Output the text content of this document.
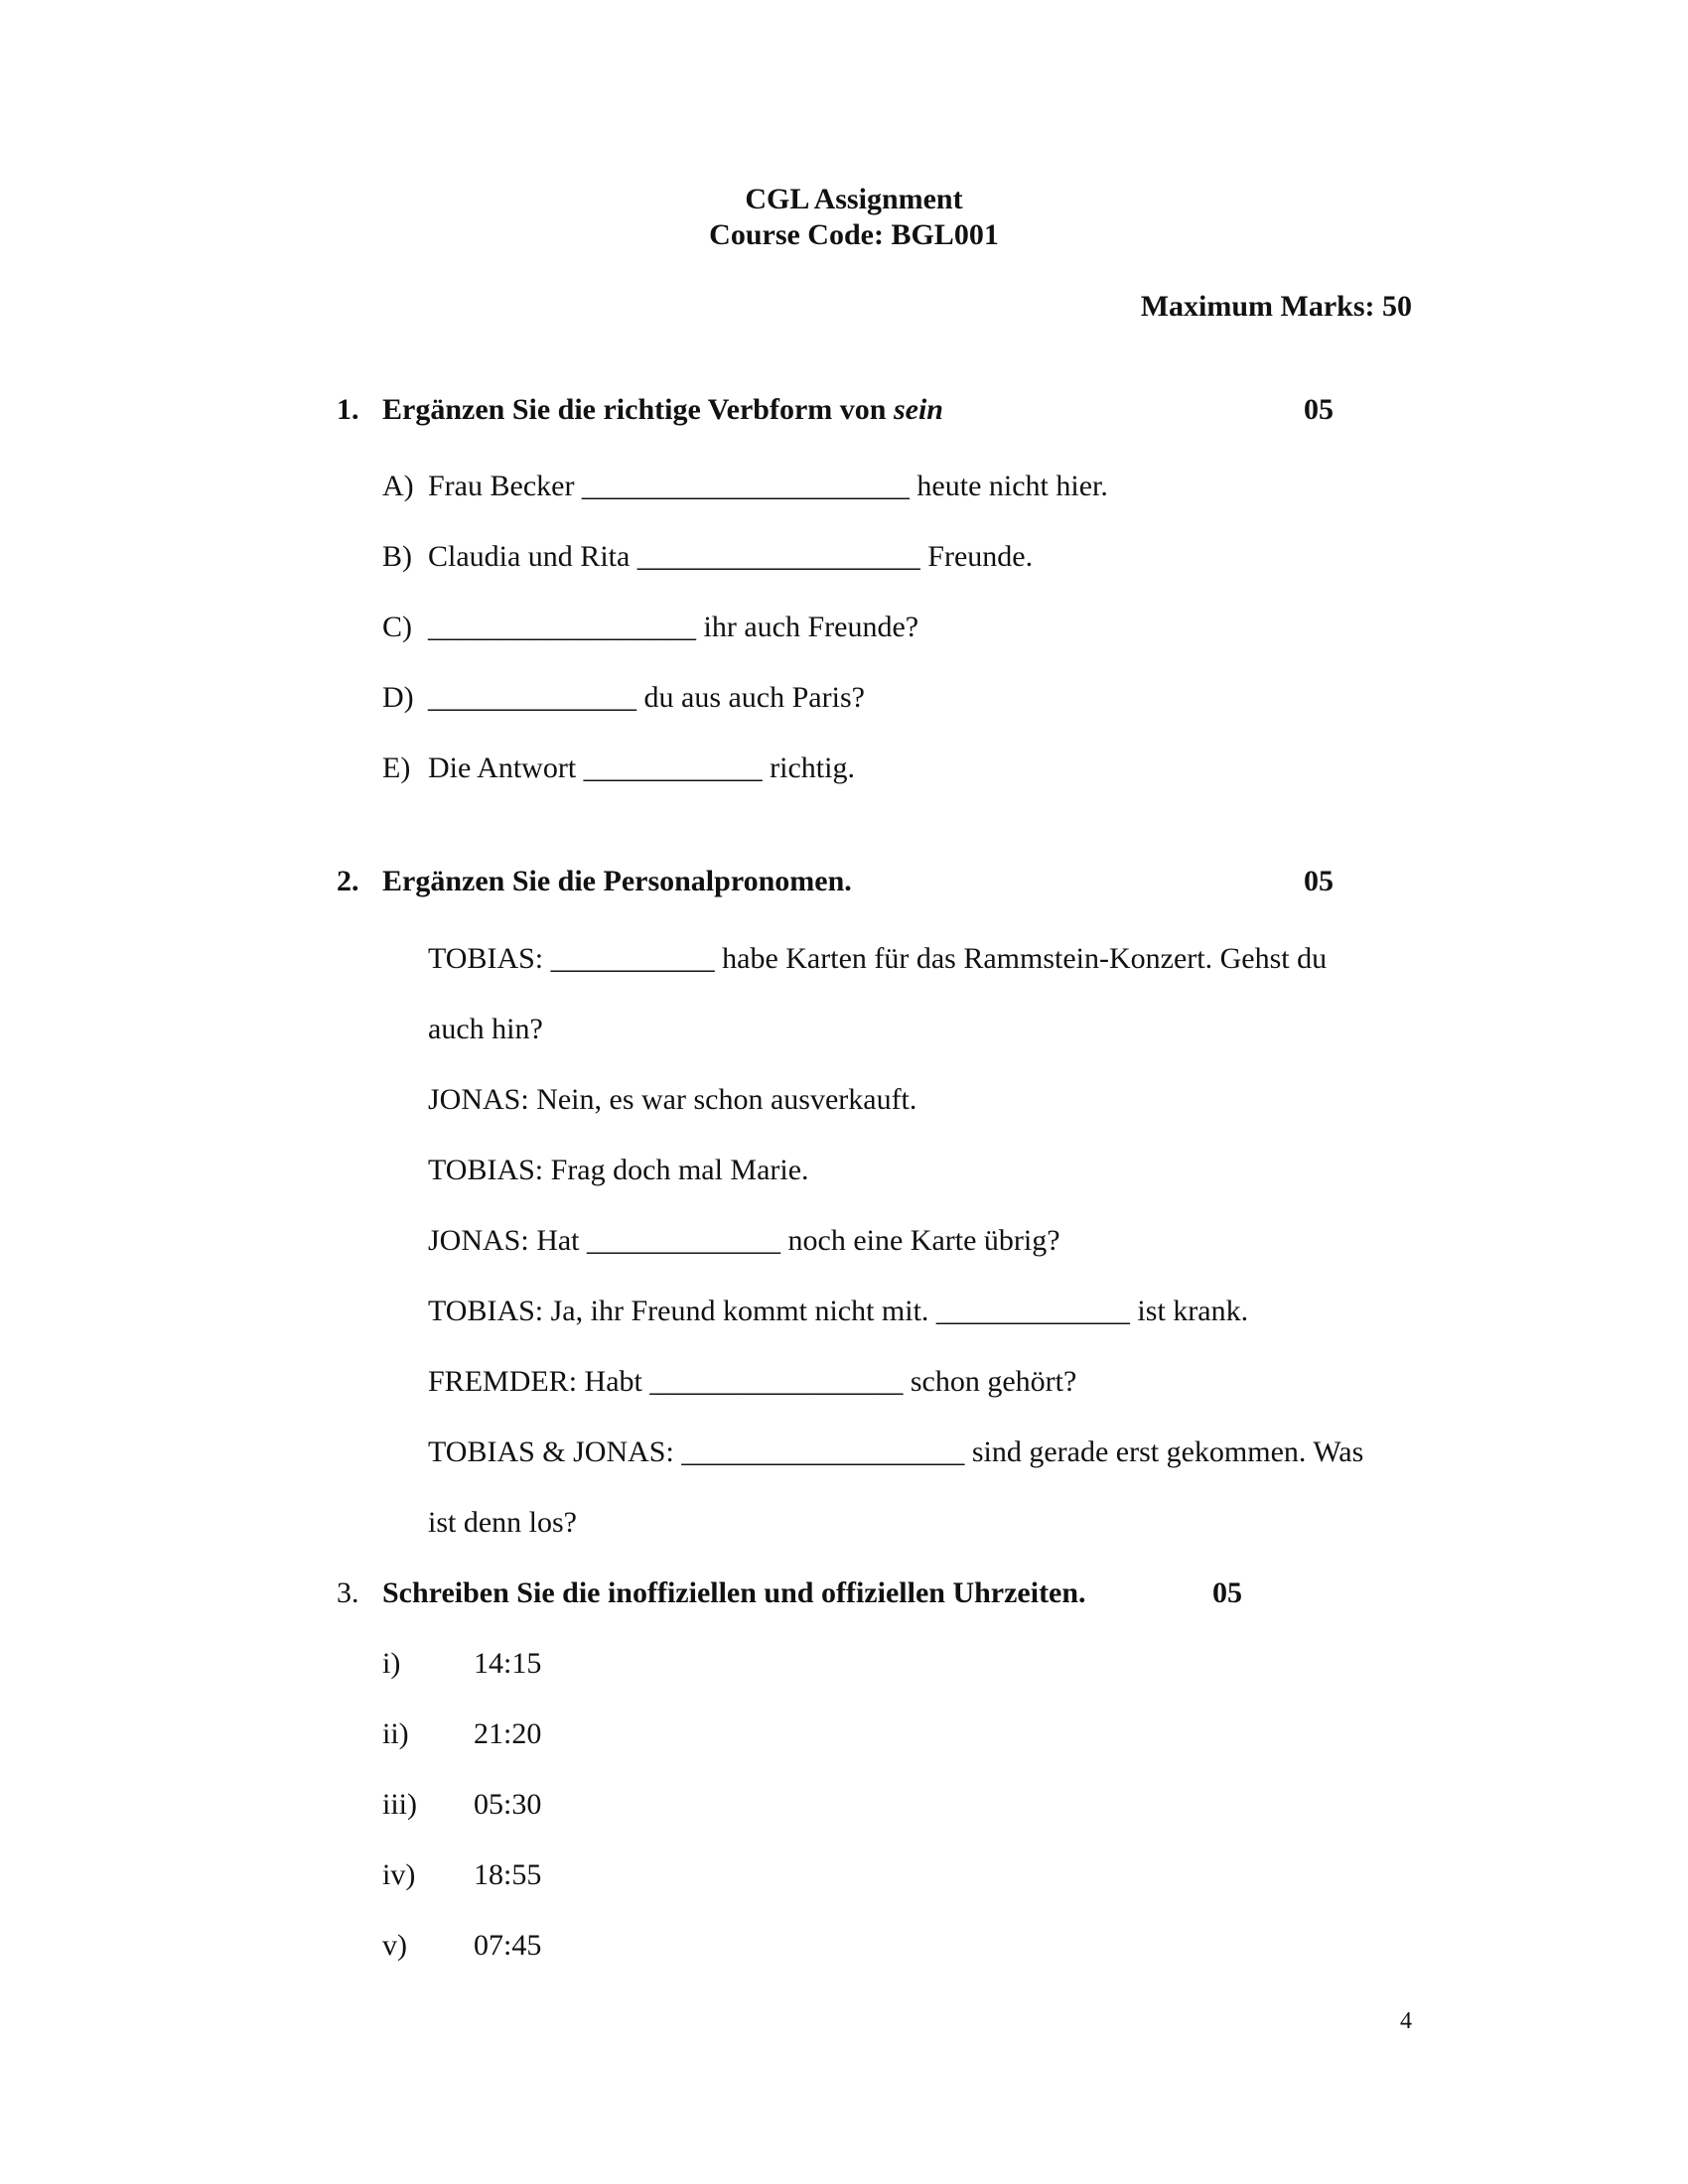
CGL Assignment
Course Code: BGL001
Maximum Marks: 50
1. Ergänzen Sie die richtige Verbform von sein	05
A) Frau Becker ______________________ heute nicht hier.
B) Claudia und Rita ___________________ Freunde.
C) __________________ ihr auch Freunde?
D) ______________ du aus auch Paris?
E) Die Antwort ____________ richtig.
2. Ergänzen Sie die Personalpronomen.	05
TOBIAS: ___________ habe Karten für das Rammstein-Konzert. Gehst du
auch hin?
JONAS: Nein, es war schon ausverkauft.
TOBIAS: Frag doch mal Marie.
JONAS: Hat _____________ noch eine Karte übrig?
TOBIAS: Ja, ihr Freund kommt nicht mit. _____________ ist krank.
FREMDER: Habt _________________ schon gehört?
TOBIAS & JONAS: ___________________ sind gerade erst gekommen. Was
ist denn los?
3. Schreiben Sie die inoffiziellen und offiziellen Uhrzeiten.	05
i) 14:15
ii) 21:20
iii) 05:30
iv) 18:55
v) 07:45
4
